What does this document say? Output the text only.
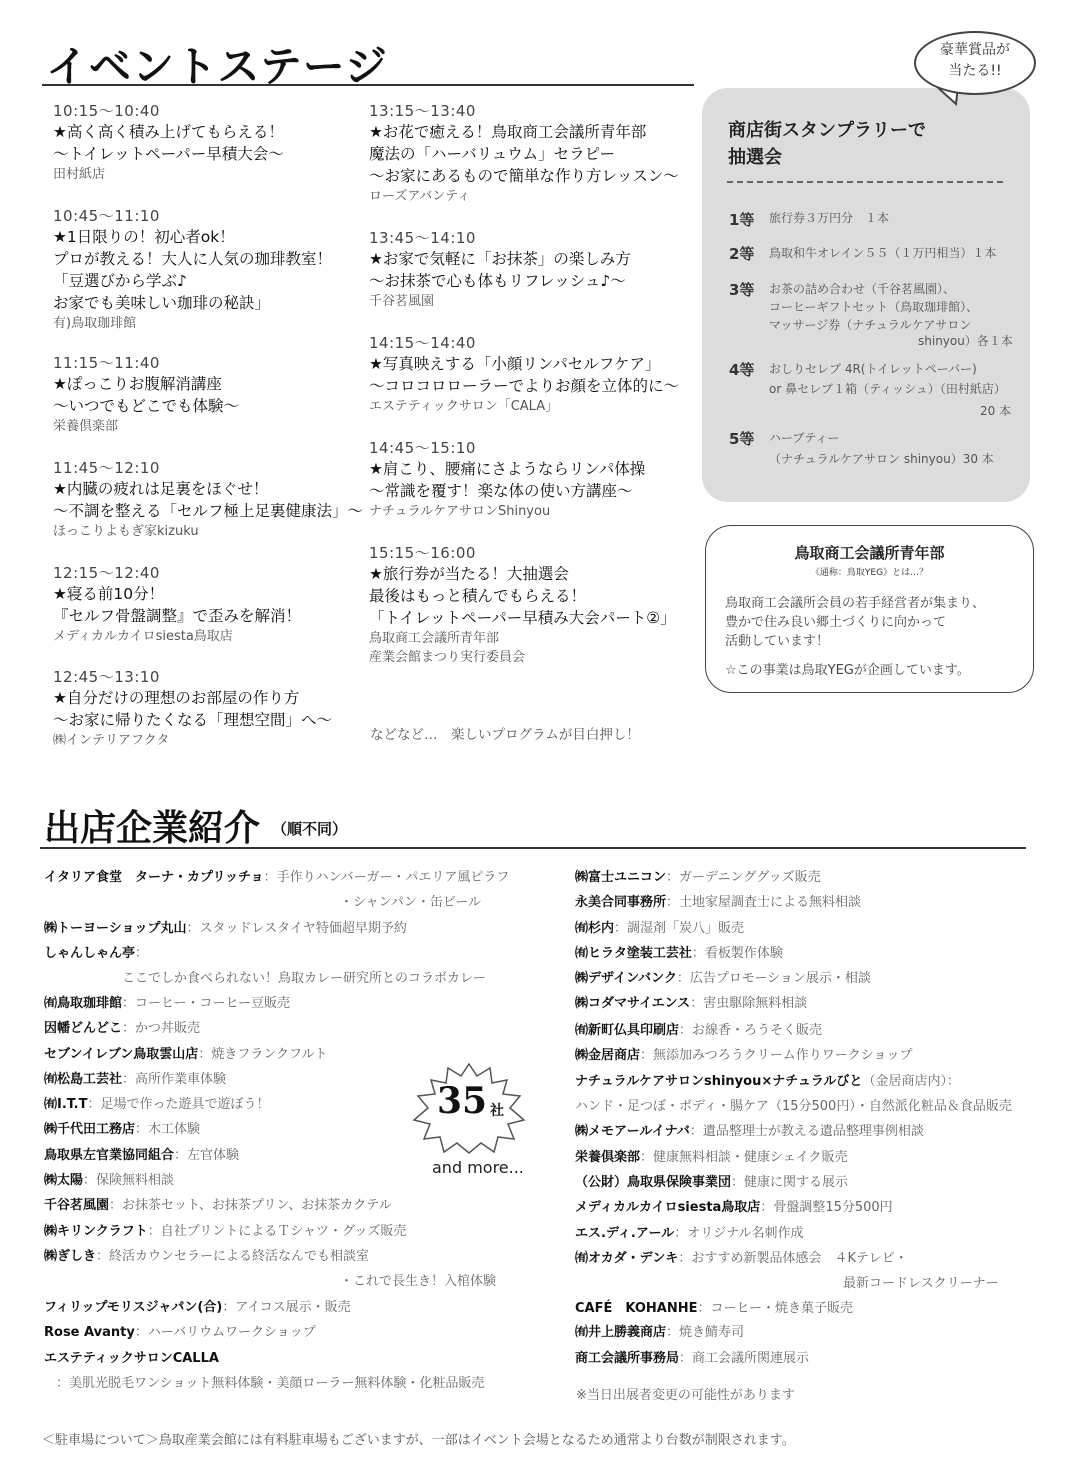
イベントステージ
10:15〜10:40
★高く高く積み上げてもらえる！
〜トイレットペーパー早積大会〜
田村紙店
10:45〜11:10
★1日限りの！初心者ok！
プロが教える！大人に人気の珈琲教室！
「豆選びから学ぶ♪
お家でも美味しい珈琲の秘訣」
有)鳥取珈琲館
11:15〜11:40
★ぽっこりお腹解消講座
〜いつでもどこでも体験〜
栄養倶楽部
11:45〜12:10
★内臓の疲れは足裏をほぐせ！
〜不調を整える「セルフ極上足裏健康法」〜
ほっこりよもぎ家kizuku
12:15〜12:40
★寝る前10分！
『セルフ骨盤調整』で歪みを解消！
メディカルカイロsiesta鳥取店
12:45〜13:10
★自分だけの理想のお部屋の作り方
〜お家に帰りたくなる「理想空間」へ〜
㈱インテリアフクタ
13:15〜13:40
★お花で癒える！鳥取商工会議所青年部
魔法の「ハーバリュウム」セラピー
〜お家にあるもので簡単な作り方レッスン〜
ローズアバンティ
13:45〜14:10
★お家で気軽に「お抹茶」の楽しみ方
〜お抹茶で心も体もリフレッシュ♪〜
千谷茗風園
14:15〜14:40
★写真映えする「小顔リンパセルフケア」
〜コロコロローラーでよりお顔を立体的に〜
エステティックサロン「CALA」
14:45〜15:10
★肩こり、腰痛にさようならリンパ体操
〜常識を覆す！楽な体の使い方講座〜
ナチュラルケアサロンShinyou
15:15〜16:00
★旅行券が当たる！大抽選会
最後はもっと積んでもらえる！
「トイレットペーパー早積み大会パート②」
鳥取商工会議所青年部
産業会館まつり実行委員会
などなど…　楽しいプログラムが目白押し！
商店街スタンプラリーで
抽選会
1等 旅行券３万円分　１本
2等 鳥取和牛オレイン５５（１万円相当）１本
3等 お茶の詰め合わせ（千谷茗風園）、
コーヒーギフトセット（鳥取珈琲館）、
マッサージ券（ナチュラルケアサロン
shinyou）各１本
4等 おしりセレブ 4R(トイレットペーパー)
or 鼻セレブ１箱（ティッシュ）（田村紙店）
20 本
5等 ハーブティー
（ナチュラルケアサロン shinyou）30 本
豪華賞品が
当たる!!
鳥取商工会議所青年部
《通称：鳥取YEG》とは…？
鳥取商工会議所会員の若手経営者が集まり、
豊かで住み良い郷土づくりに向かって
活動しています！
☆この事業は鳥取YEGが企画しています。
出店企業紹介 （順不同）
イタリア食堂　ターナ・カプリッチョ：手作りハンバーガー・パエリア風ピラフ
・シャンパン・缶ビール
㈱トーヨーショップ丸山：スタッドレスタイヤ特価超早期予約
しゃんしゃん亭：
ここでしか食べられない！鳥取カレー研究所とのコラボカレー
㈲鳥取珈琲館：コーヒー・コーヒー豆販売
因幡どんどこ：かつ丼販売
セブンイレブン鳥取雲山店：焼きフランクフルト
㈲松島工芸社：高所作業車体験
㈲I.T.T：足場で作った遊具で遊ぼう！
㈱千代田工務店：木工体験
鳥取県左官業協同組合：左官体験
㈱太陽：保険無料相談
千谷茗風園：お抹茶セット、お抹茶プリン、お抹茶カクテル
㈱キリンクラフト：自社プリントによるＴシャツ・グッズ販売
㈱ぎしき：終活カウンセラーによる終活なんでも相談室
・これで長生き！入棺体験
フィリップモリスジャパン(合)：アイコス展示・販売
Rose Avanty：ハーバリウムワークショップ
エステティックサロンCALLA
：美肌光脱毛ワンショット無料体験・美顔ローラー無料体験・化粧品販売
35 社
and more...
㈱富士ユニコン：ガーデニンググッズ販売
永美合同事務所：土地家屋調査士による無料相談
㈲杉内：調湿剤「炭八」販売
㈲ヒラタ塗装工芸社：看板製作体験
㈱デザインバンク：広告プロモーション展示・相談
㈱コダマサイエンス：害虫駆除無料相談
㈲新町仏具印刷店：お線香・ろうそく販売
㈱金居商店：無添加みつろうクリーム作りワークショップ
ナチュラルケアサロンshinyou×ナチュラルびと（金居商店内）：
ハンド・足つぼ・ボディ・腸ケア（15分500円）・自然派化粧品＆食品販売
㈱メモアールイナバ：遺品整理士が教える遺品整理事例相談
栄養倶楽部：健康無料相談・健康シェイク販売
（公財）鳥取県保険事業団：健康に関する展示
メディカルカイロsiesta鳥取店：骨盤調整15分500円
エス.ディ.アール：オリジナル名刺作成
㈲オカダ・デンキ：おすすめ新製品体感会　４Kテレビ・
最新コードレスクリーナー
CAFÉ　KOHANHE：コーヒー・焼き菓子販売
㈲井上勝義商店：焼き鯖寿司
商工会議所事務局：商工会議所関連展示
※当日出展者変更の可能性があります
＜駐車場について＞鳥取産業会館には有料駐車場もございますが、一部はイベント会場となるため通常より台数が制限されます。
